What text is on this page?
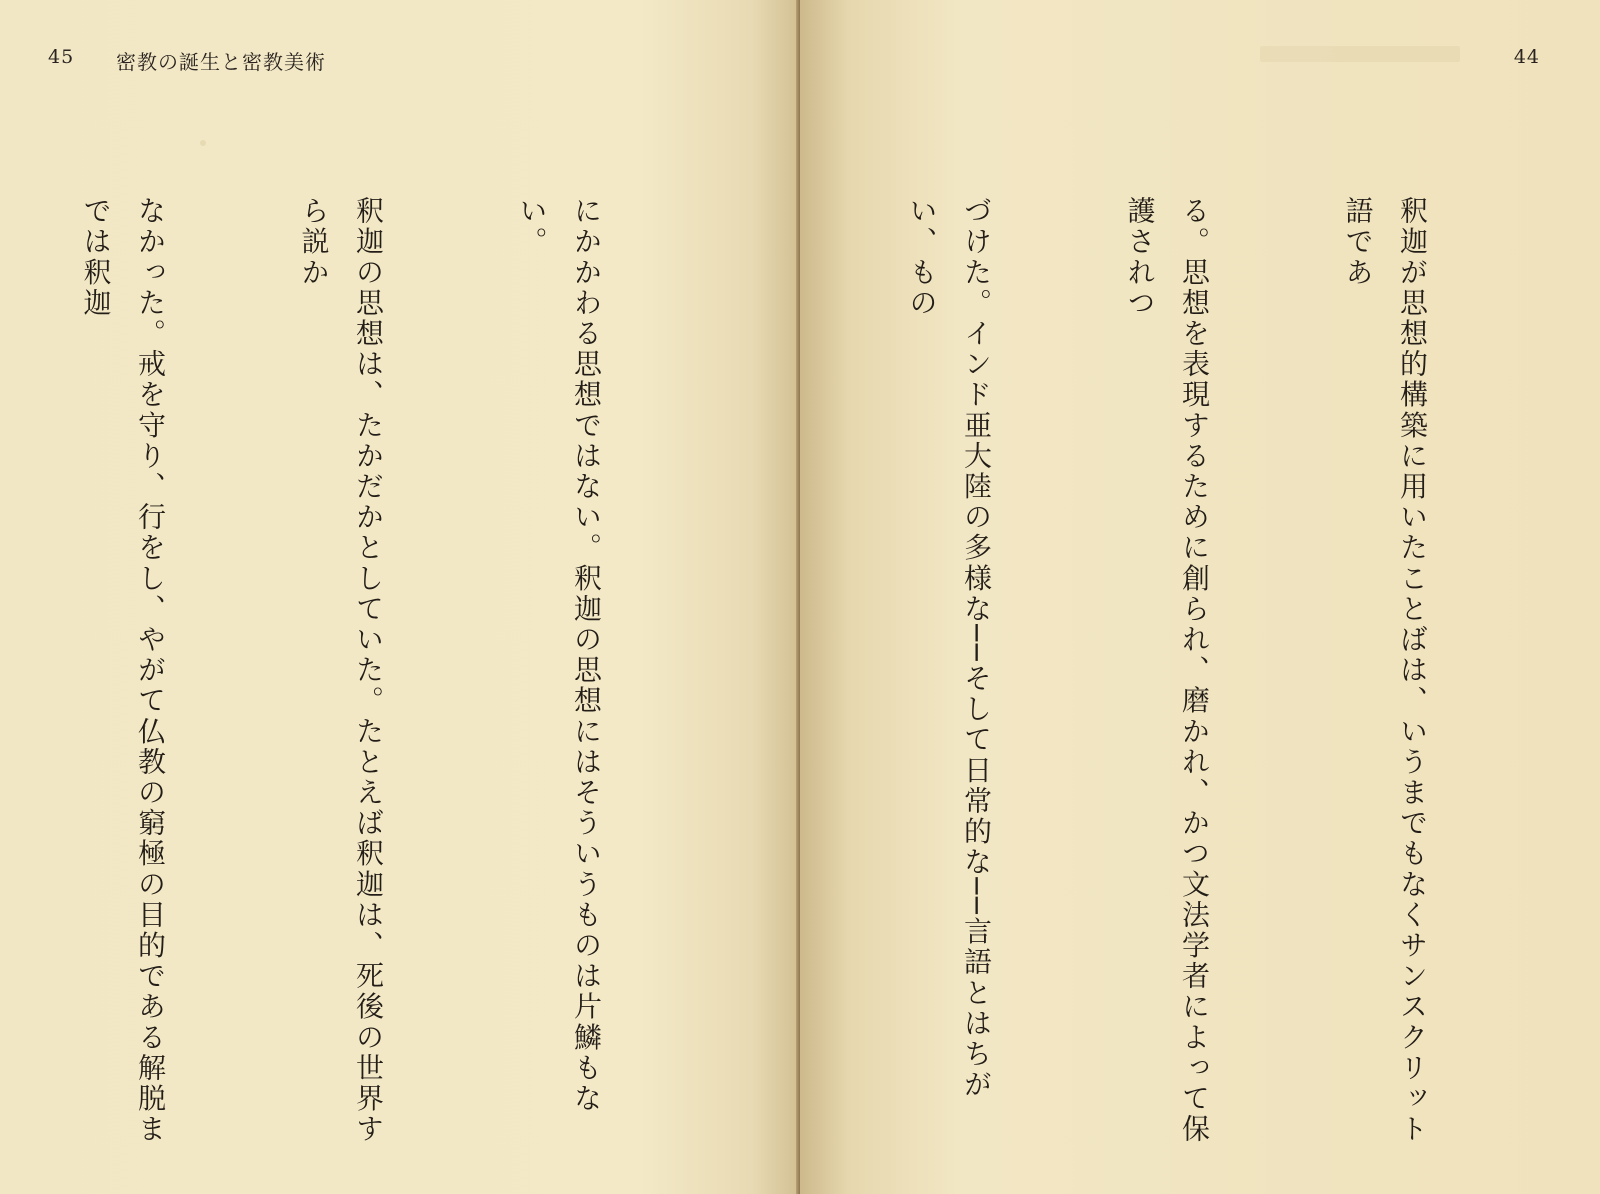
45 密教の誕生と密教美術

にかかわる思想ではない。釈迦の思想にはそういうものは片鱗もない。

釈迦の思想は、たかだかとしていた。たとえば釈迦は、死後の世界すら説か

なかった。戒を守り、行をし、やがて仏教の窮極の目的である解脱までは釈迦

44

釈迦が思想的構築に用いたことばは、いうまでもなくサンスクリット語であ

る。思想を表現するために創られ、磨かれ、かつ文法学者によって保護されつ

づけた。インド亜大陸の多様な──そして日常的な──言語とはちがい、もの
